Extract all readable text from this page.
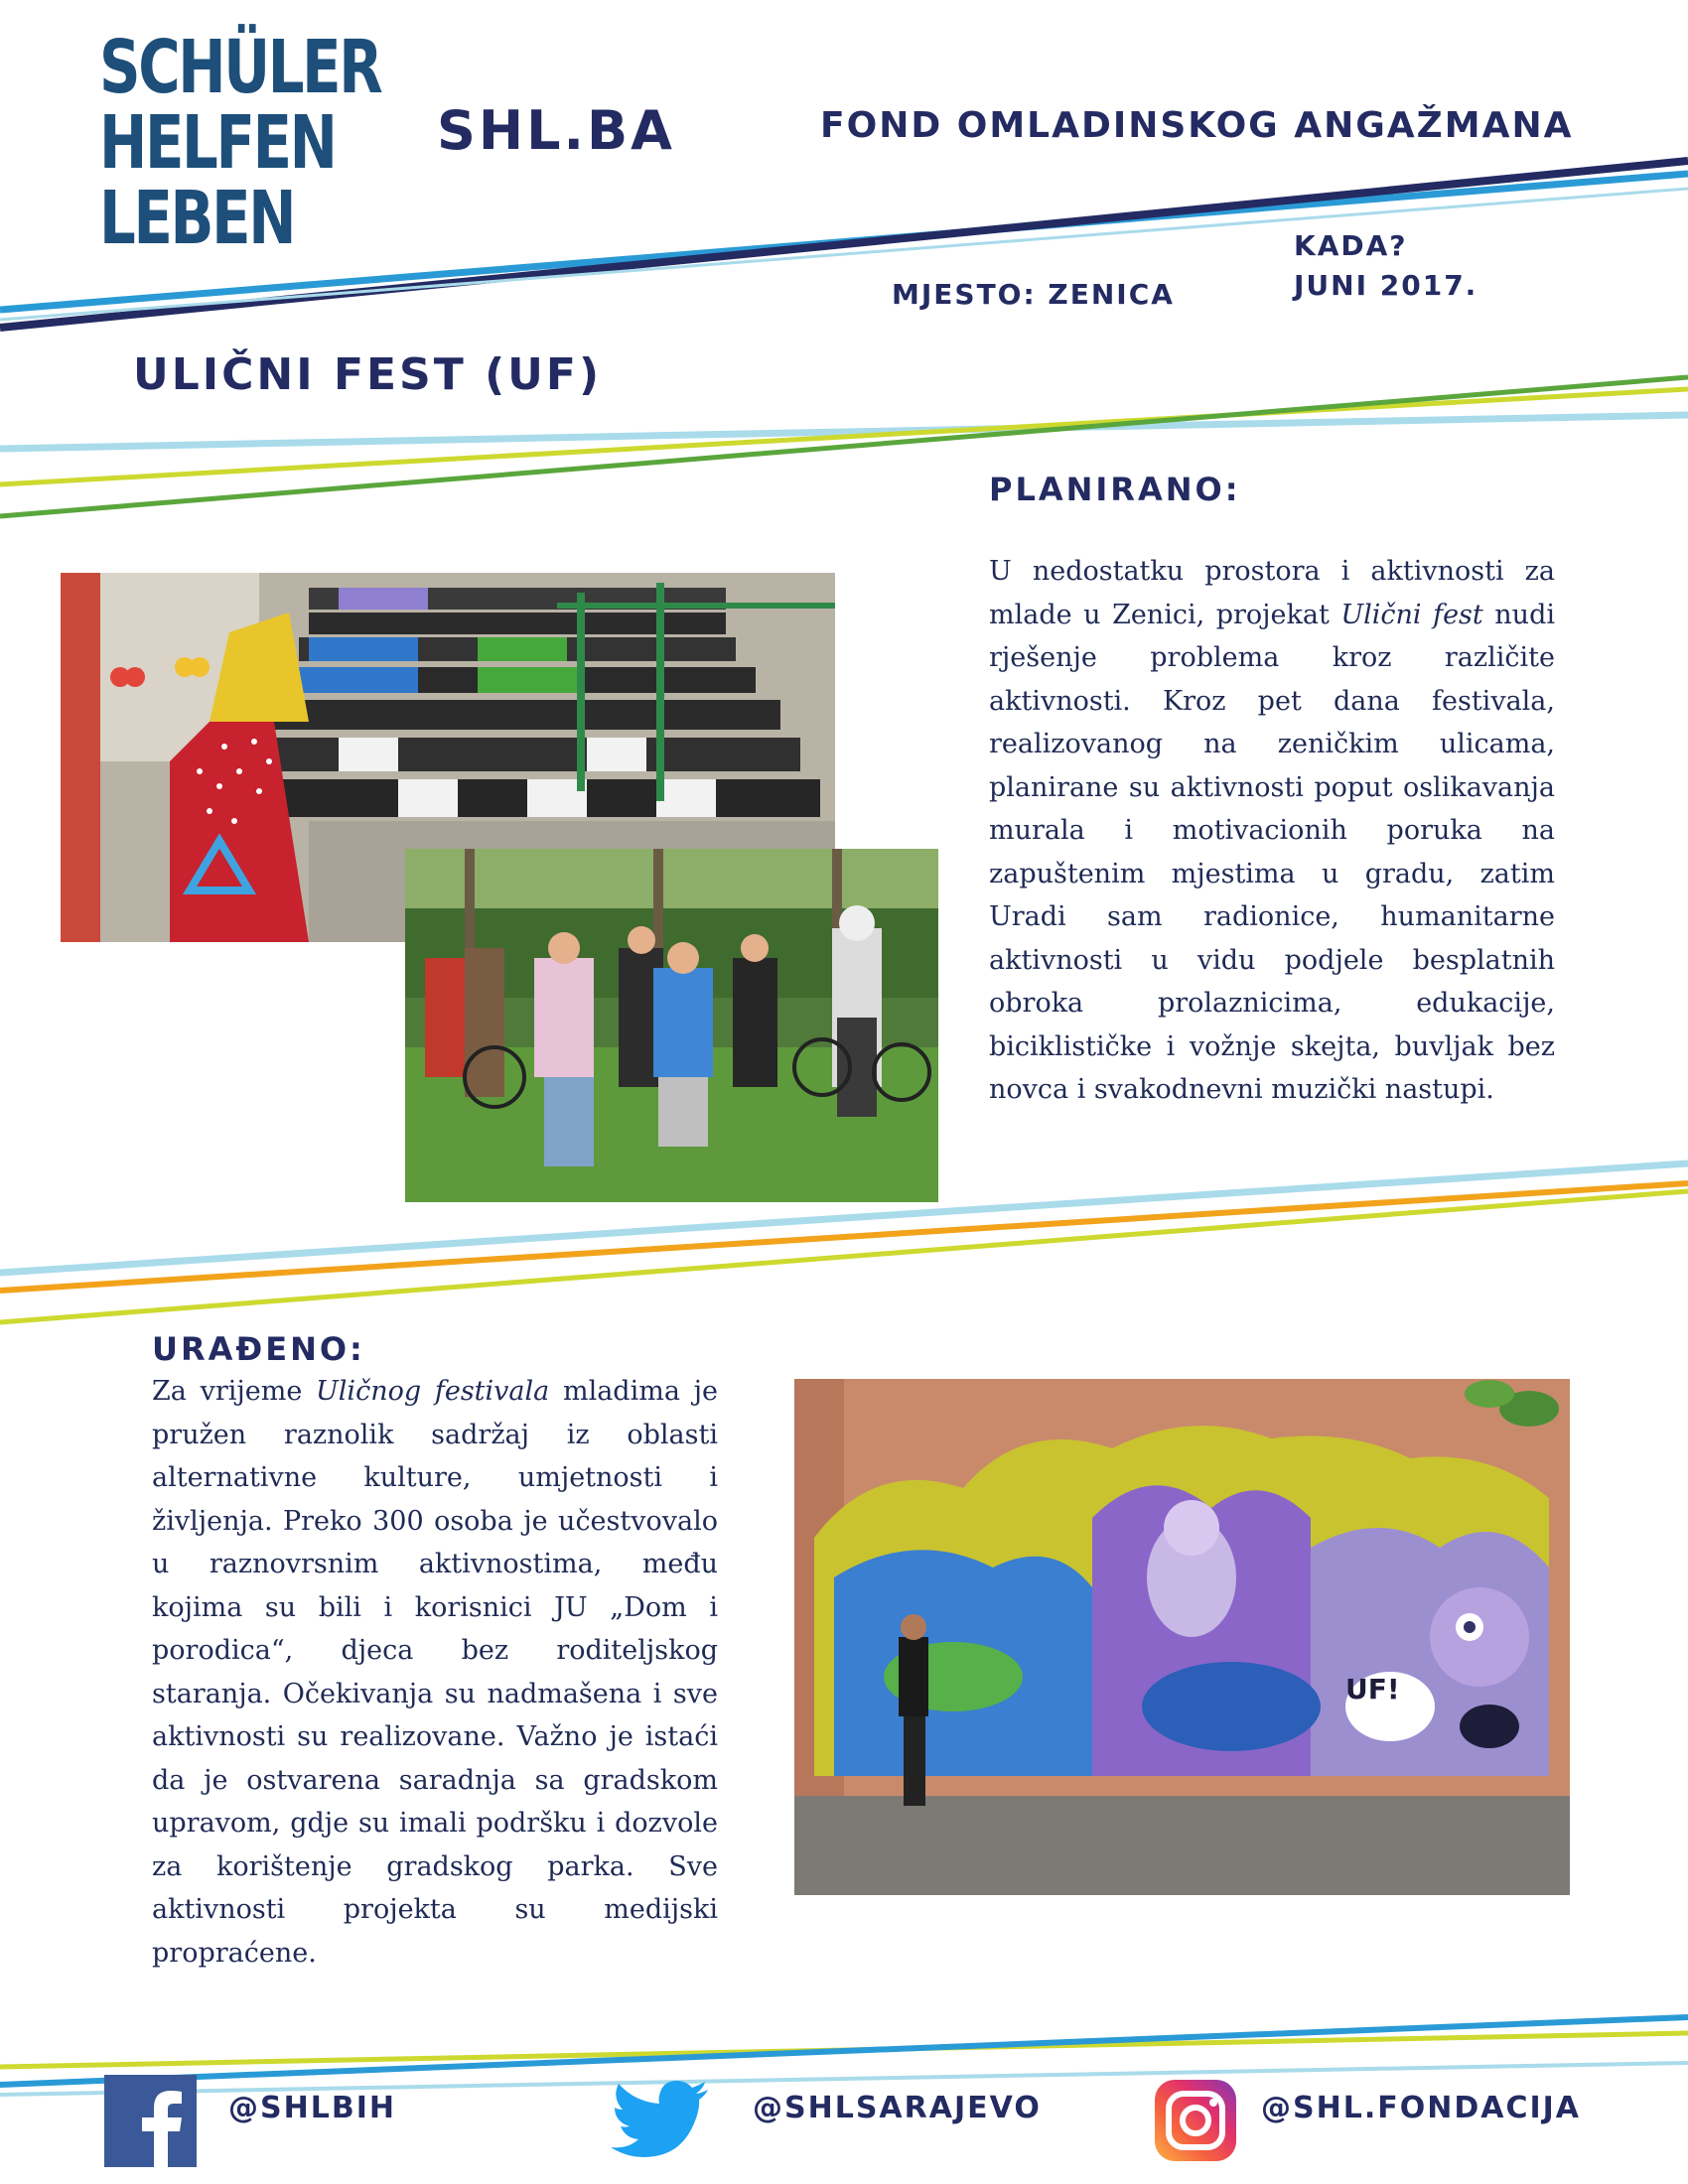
SCHÜLER
HELFEN
LEBEN
SHL.BA	FOND OMLADINSKOG ANGAŽMANA
MJESTO: ZENICA
KADA?
JUNI 2017.
ULIČNI FEST (UF)
PLANIRANO:
U nedostatku prostora i aktivnosti za mlade u Zenici, projekat Ulični fest nudi rješenje problema kroz različite aktivnosti. Kroz pet dana festivala, realizovanog na zeničkim ulicama, planirane su aktivnosti poput oslikavanja murala i motivacionih poruka na zapuštenim mjestima u gradu, zatim Uradi sam radionice, humanitarne aktivnosti u vidu podjele besplatnih obroka prolaznicima, edukacije, biciklističke i vožnje skejta, buvljak bez novca i svakodnevni muzički nastupi.
URAĐENO:
Za vrijeme Uličnog festivala mladima je pružen raznolik sadržaj iz oblasti alternativne kulture, umjetnosti i življenja. Preko 300 osoba je učestvovalo u raznovrsnim aktivnostima, među kojima su bili i korisnici JU „Dom i porodica“, djeca bez roditeljskog staranja. Očekivanja su nadmašena i sve aktivnosti su realizovane. Važno je istaći da je ostvarena saradnja sa gradskom upravom, gdje su imali podršku i dozvole za korištenje gradskog parka. Sve aktivnosti projekta su medijski propraćene.
UF!
@SHLBIH	@SHLSARAJEVO	@SHL.FONDACIJA
